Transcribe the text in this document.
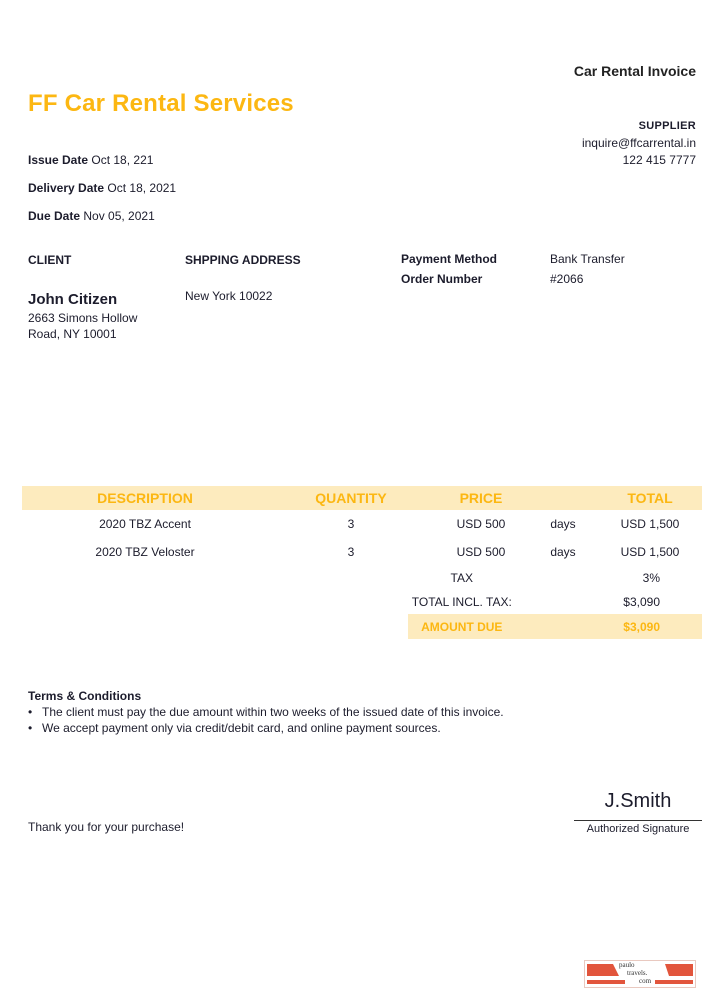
Car Rental Invoice
FF Car Rental Services
SUPPLIER
inquire@ffcarrental.in
122 415 7777
Issue Date Oct 18, 221
Delivery Date Oct 18, 2021
Due Date Nov 05, 2021
CLIENT
John Citizen
2663 Simons Hollow Road, NY 10001
SHPPING ADDRESS
New York 10022
Payment Method	Bank Transfer
Order Number	#2066
DESCRIPTION	QUANTITY	PRICE		TOTAL
2020 TBZ Accent	3	USD 500	days	USD 1,500
2020 TBZ Veloster	3	USD 500	days	USD 1,500
TAX	3%
TOTAL INCL. TAX:	$3,090
AMOUNT DUE	$3,090
Terms & Conditions
• The client must pay the due amount within two weeks of the issued date of this invoice.
• We accept payment only via credit/debit card, and online payment sources.
Thank you for your purchase!
J.Smith
Authorized Signature
paulo
travels.
com
